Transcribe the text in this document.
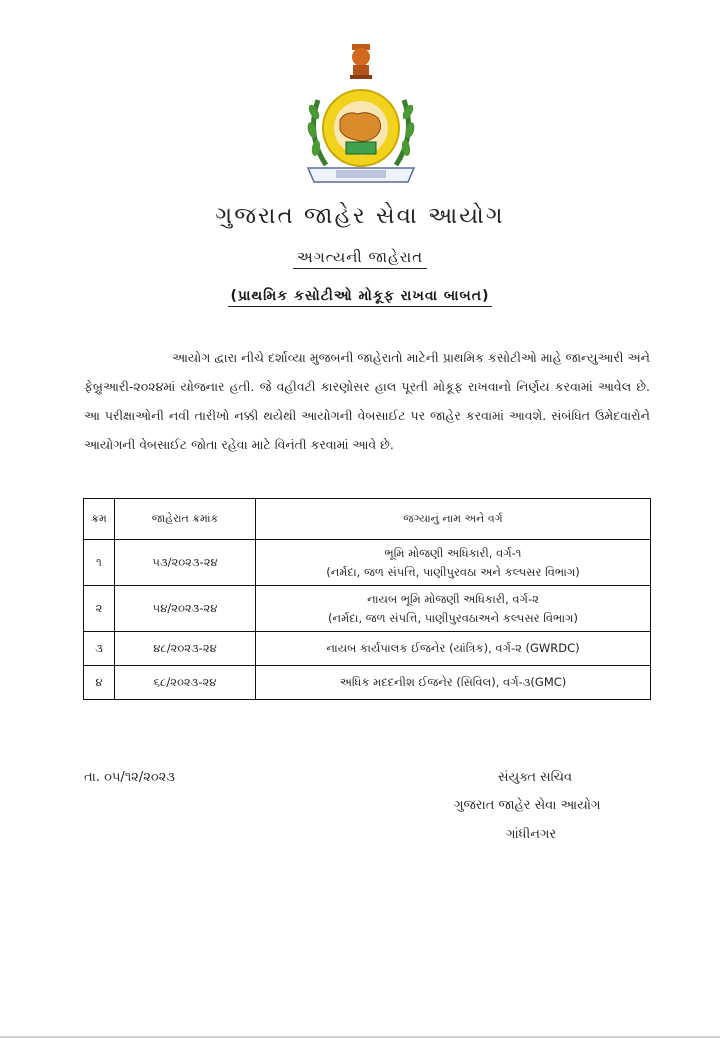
ગુજરાત જાહેર સેવા આયોગ
અગત્યની જાહેરાત
(પ્રાથમિક કસોટીઓ મોકૂફ રાખવા બાબત)
આયોગ દ્વારા નીચે દર્શાવ્યા મુજબની જાહેરાતો માટેની પ્રાથમિક કસોટીઓ માહે જાન્યુઆરી અને ફેબ્રુઆરી-૨૦૨૪માં યોજનાર હતી. જે વહીવટી કારણોસર હાલ પૂરતી મોકૂફ રાખવાનો નિર્ણય કરવામાં આવેલ છે. આ પરીક્ષાઓની નવી તારીખો નક્કી થયેથી આયોગની વેબસાઈટ પર જાહેર કરવામાં આવશે. સંબંધિત ઉમેદવારોને આયોગની વેબસાઈટ જોતા રહેવા માટે વિનંતી કરવામાં આવે છે.
ક્રમ	જાહેરાત ક્રમાંક	જગ્યાનું નામ અને વર્ગ
૧	૫૩/૨૦૨૩-૨૪	ભૂમિ મોજણી અધિકારી, વર્ગ-૧
(નર્મદા, જળ સંપત્તિ, પાણીપુરવઠા અને કલ્પસર વિભાગ)

૨	૫૪/૨૦૨૩-૨૪	નાયબ ભૂમિ મોજણી અધિકારી, વર્ગ-૨
(નર્મદા, જળ સંપત્તિ, પાણીપુરવઠાઅને કલ્પસર વિભાગ)

૩	૪૮/૨૦૨૩-૨૪	નાયબ કાર્યપાલક ઈજનેર (યાંત્રિક), વર્ગ-૨ (GWRDC)
૪	૬૮/૨૦૨૩-૨૪	અધિક મદદનીશ ઈજનેર (સિવિલ), વર્ગ-૩(GMC)
તા. ૦૫/૧૨/૨૦૨૩	સંયુક્ત સચિવ
ગુજરાત જાહેર સેવા આયોગ
ગાંધીનગર
